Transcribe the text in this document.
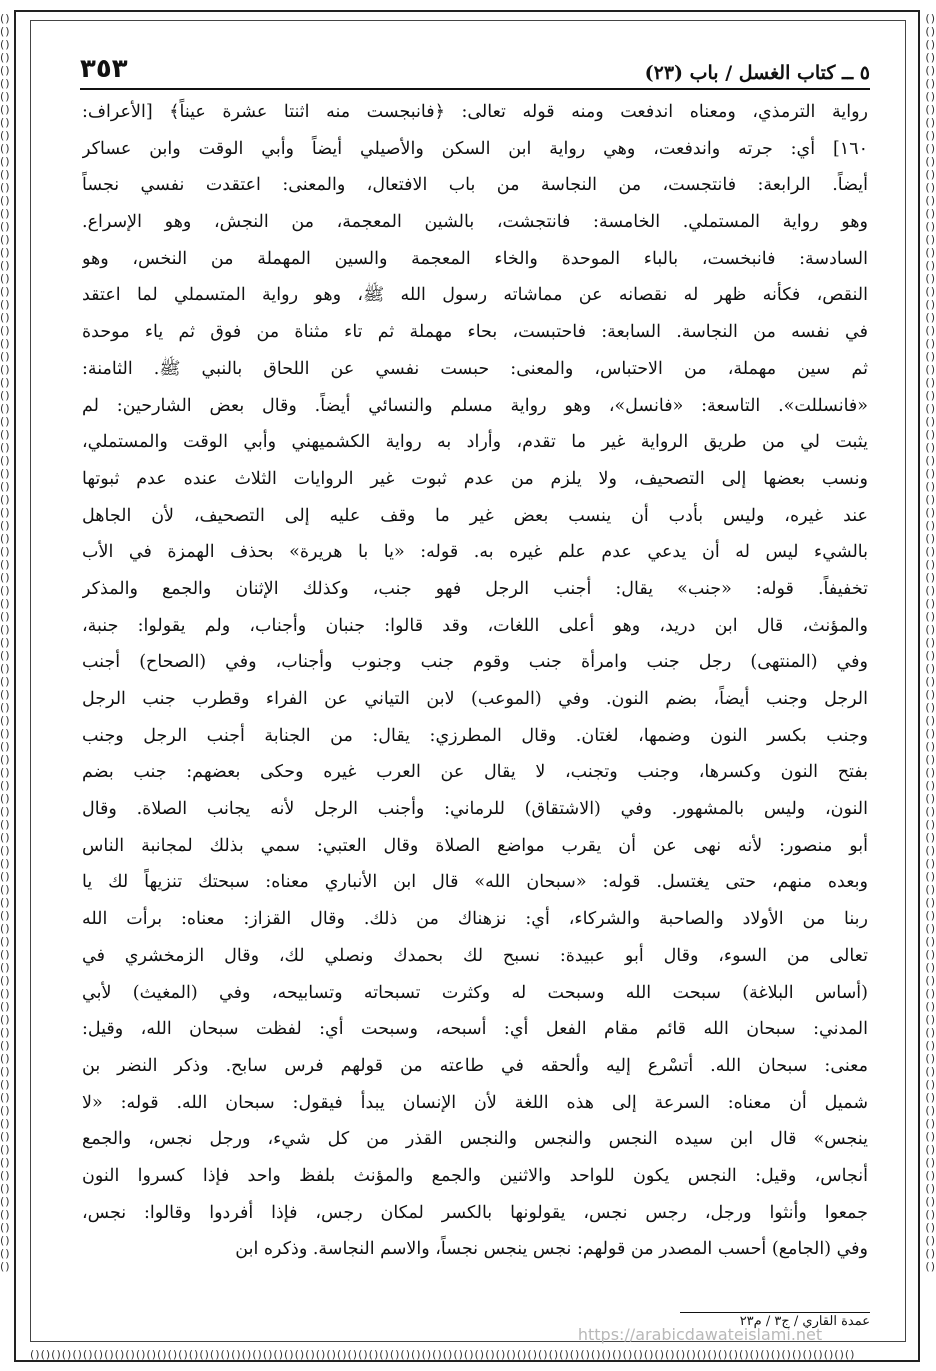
()()()()()()()()()()()()()()()()()()()()()()()()()()()()()()()()()()()()()()()()()()()()()()()()()()()()()()()()()()()()()()()()()()()()()()()()()()()()()()()()()()()()()()()()()()()()()()()()()
()()()()()()()()()()()()()()()()()()()()()()()()()()()()()()()()()()()()()()()()()()()()()()()()()()()()()()()()()()()()()()()()()()()()()()()()()()()()()()()()()()()()()()()()()()()()()()()()()
()()()()()()()()()()()()()()()()()()()()()()()()()()()()()()()()()()()()()()()()()()()()()()()()()()()()()()()()()()()()()()()()()()()()()()()()()()()()()()
٥ ــ كتاب الغسل / باب (٢٣)
٣٥٣
رواية الترمذي، ومعناه اندفعت ومنه قوله تعالى: ﴿فانبجست منه اثنتا عشرة عيناً﴾ [الأعراف:
١٦٠] أي: جرته واندفعت، وهي رواية ابن السكن والأصيلي أيضاً وأبي الوقت وابن عساكر
أيضاً. الرابعة: فانتجست، من النجاسة من باب الافتعال، والمعنى: اعتقدت نفسي نجساً
وهو رواية المستملي. الخامسة: فانتجشت، بالشين المعجمة، من النجش، وهو الإسراع.
السادسة: فانبخست، بالباء الموحدة والخاء المعجمة والسين المهملة من النخس، وهو
النقص، فكأنه ظهر له نقصانه عن مماشاته رسول الله ﷺ، وهو رواية المتسملي لما اعتقد
في نفسه من النجاسة. السابعة: فاحتبست، بحاء مهملة ثم تاء مثناة من فوق ثم ياء موحدة
ثم سين مهملة، من الاحتباس، والمعنى: حبست نفسي عن اللحاق بالنبي ﷺ. الثامنة:
«فانسللت». التاسعة: «فانسل»، وهو رواية مسلم والنسائي أيضاً. وقال بعض الشارحين: لم
يثبت لي من طريق الرواية غير ما تقدم، وأراد به رواية الكشميهني وأبي الوقت والمستملي،
ونسب بعضها إلى التصحيف، ولا يلزم من عدم ثبوت غير الروايات الثلاث عنده عدم ثبوتها
عند غيره، وليس بأدب أن ينسب بعض غير ما وقف عليه إلى التصحيف، لأن الجاهل
بالشيء ليس له أن يدعي عدم علم غيره به. قوله: «يا با هريرة» بحذف الهمزة في الأب
تخفيفاً. قوله: «جنب» يقال: أجنب الرجل فهو جنب، وكذلك الإثنان والجمع والمذكر
والمؤنث، قال ابن دريد، وهو أعلى اللغات، وقد قالوا: جنبان وأجناب، ولم يقولوا: جنبة،
وفي (المنتهى) رجل جنب وامرأة جنب وقوم جنب وجنوب وأجناب، وفي (الصحاح) أجنب
الرجل وجنب أيضاً، بضم النون. وفي (الموعب) لابن التياني عن الفراء وقطرب جنب الرجل
وجنب بكسر النون وضمها، لغتان. وقال المطرزي: يقال: من الجنابة أجنب الرجل وجنب
بفتح النون وكسرها، وجنب وتجنب، لا يقال عن العرب غيره وحكى بعضهم: جنب بضم
النون، وليس بالمشهور. وفي (الاشتقاق) للرماني: وأجنب الرجل لأنه يجانب الصلاة. وقال
أبو منصور: لأنه نهى عن أن يقرب مواضع الصلاة وقال العتبي: سمي بذلك لمجانبة الناس
وبعده منهم، حتى يغتسل. قوله: «سبحان الله» قال ابن الأنباري معناه: سبحتك تنزيهاً لك يا
ربنا من الأولاد والصاحبة والشركاء، أي: نزهناك من ذلك. وقال القزاز: معناه: برأت الله
تعالى من السوء، وقال أبو عبيدة: نسبح لك بحمدك ونصلي لك، وقال الزمخشري في
(أساس البلاغة) سبحت الله وسبحت له وكثرت تسبحاته وتسابيحه، وفي (المغيث) لأبي
المدني: سبحان الله قائم مقام الفعل أي: أسبحه، وسبحت أي: لفظت سبحان الله، وقيل:
معنى: سبحان الله. أتسْرع إليه وألحقه في طاعته من قولهم فرس سابح. وذكر النضر بن
شميل أن معناه: السرعة إلى هذه اللغة لأن الإنسان يبدأ فيقول: سبحان الله. قوله: «لا
ينجس» قال ابن سيده النجس والنجس والنجس القذر من كل شيء، ورجل نجس، والجمع
أنجاس، وقيل: النجس يكون للواحد والاثنين والجمع والمؤنث بلفظ واحد فإذا كسروا النون
جمعوا وأنثوا ورجل، رجس نجس، يقولونها بالكسر لمكان رجس، فإذا أفردوا وقالوا: نجس،
وفي (الجامع) أحسب المصدر من قولهم: نجس ينجس نجساً، والاسم النجاسة. وذكره ابن
عمدة القاري / ج٣ / م٢٣
https://arabicdawateislami.net
